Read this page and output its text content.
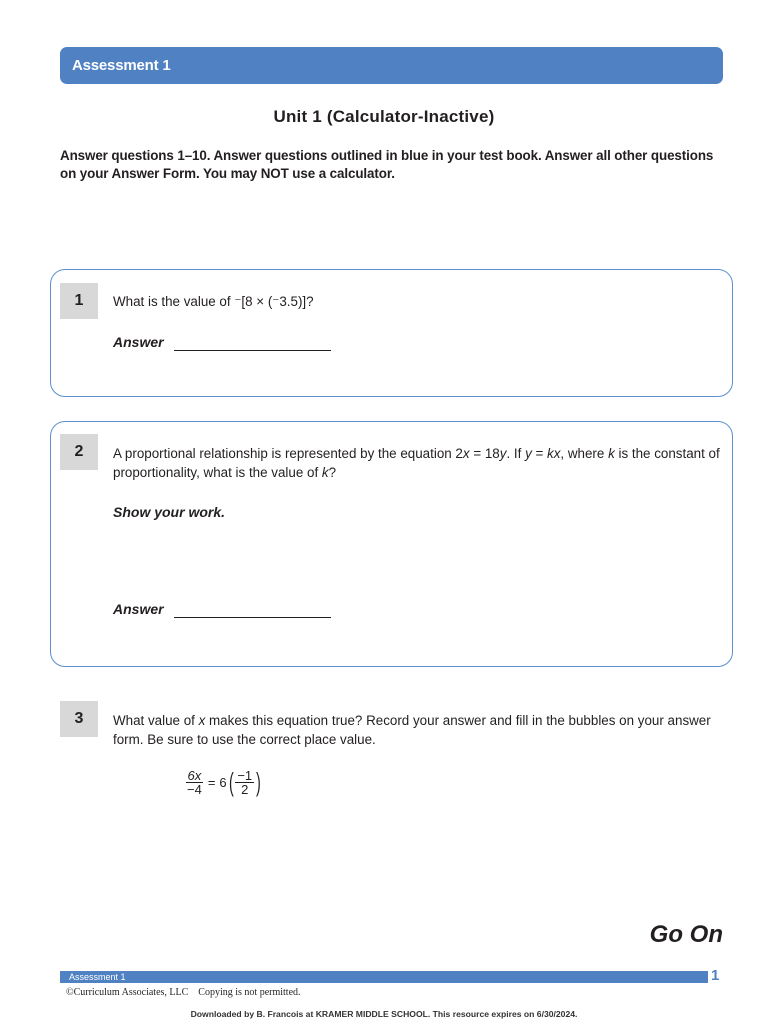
Assessment 1
Unit 1 (Calculator-Inactive)
Answer questions 1–10. Answer questions outlined in blue in your test book. Answer all other questions on your Answer Form. You may NOT use a calculator.
1	What is the value of ⁻[8 × (⁻3.5)]?
Answer
2	A proportional relationship is represented by the equation 2x = 18y. If y = kx, where k is the constant of proportionality, what is the value of k?
Show your work.
Answer
3	What value of x makes this equation true? Record your answer and fill in the bubbles on your answer form. Be sure to use the correct place value.
$\frac{6x}{-4} = 6$ ( $\frac{-1}{2}$ )
Go On
Assessment 1	1
©Curriculum Associates, LLC    Copying is not permitted.
Downloaded by B. Francois at KRAMER MIDDLE SCHOOL. This resource expires on 6/30/2024.
